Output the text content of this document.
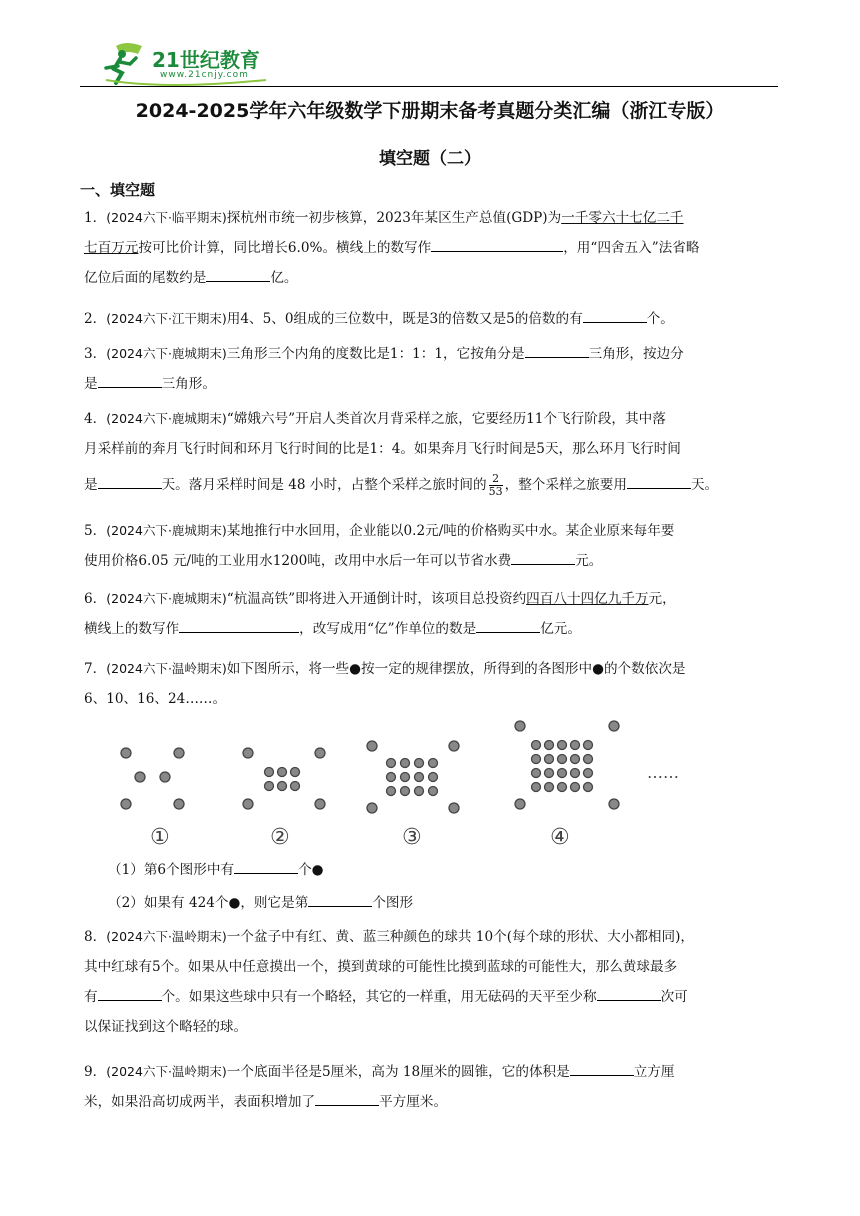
21世纪教育
www.21cnjy.com
2024-2025学年六年级数学下册期末备考真题分类汇编（浙江专版）
填空题（二）
一、填空题
1．(2024六下·临平期末)探杭州市统一初步核算，2023年某区生产总值(GDP)为一千零六十七亿二千
七百万元按可比价计算，同比增长6.0%。横线上的数写作	，用“四舍五入”法省略
亿位后面的尾数约是	亿。
2．(2024六下·江干期末)用4、5、0组成的三位数中，既是3的倍数又是5的倍数的有	个。
3．(2024六下·鹿城期末)三角形三个内角的度数比是1：1：1，它按角分是	三角形，按边分
是	三角形。
4．(2024六下·鹿城期末)“嫦娥六号”开启人类首次月背采样之旅，它要经历11个飞行阶段，其中落
月采样前的奔月飞行时间和环月飞行时间的比是1：4。如果奔月飞行时间是5天，那么环月飞行时间
是	天。落月采样时间是 48 小时，占整个采样之旅时间的 $\frac{2}{53}$ ，整个采样之旅要用	天。
5．(2024六下·鹿城期末)某地推行中水回用，企业能以0.2元/吨的价格购买中水。某企业原来每年要
使用价格6.05 元/吨的工业用水1200吨，改用中水后一年可以节省水费	元。
6．(2024六下·鹿城期末)“杭温高铁”即将进入开通倒计时，该项目总投资约四百八十四亿九千万元，
横线上的数写作	，改写成用“亿”作单位的数是	亿元。
7．(2024六下·温岭期末)如下图所示，将一些●按一定的规律摆放，所得到的各图形中●的个数依次是
6、10、16、24……。
……
①	②	③	④
（1）第6个图形中有	个●
（2）如果有 424个●，则它是第	个图形
8．(2024六下·温岭期末)一个盆子中有红、黄、蓝三种颜色的球共 10个(每个球的形状、大小都相同)，
其中红球有5个。如果从中任意摸出一个，摸到黄球的可能性比摸到蓝球的可能性大，那么黄球最多
有	个。如果这些球中只有一个略轻，其它的一样重，用无砝码的天平至少称	次可
以保证找到这个略轻的球。
9．(2024六下·温岭期末)一个底面半径是5厘米，高为 18厘米的圆锥，它的体积是	立方厘
米，如果沿高切成两半，表面积增加了	平方厘米。
